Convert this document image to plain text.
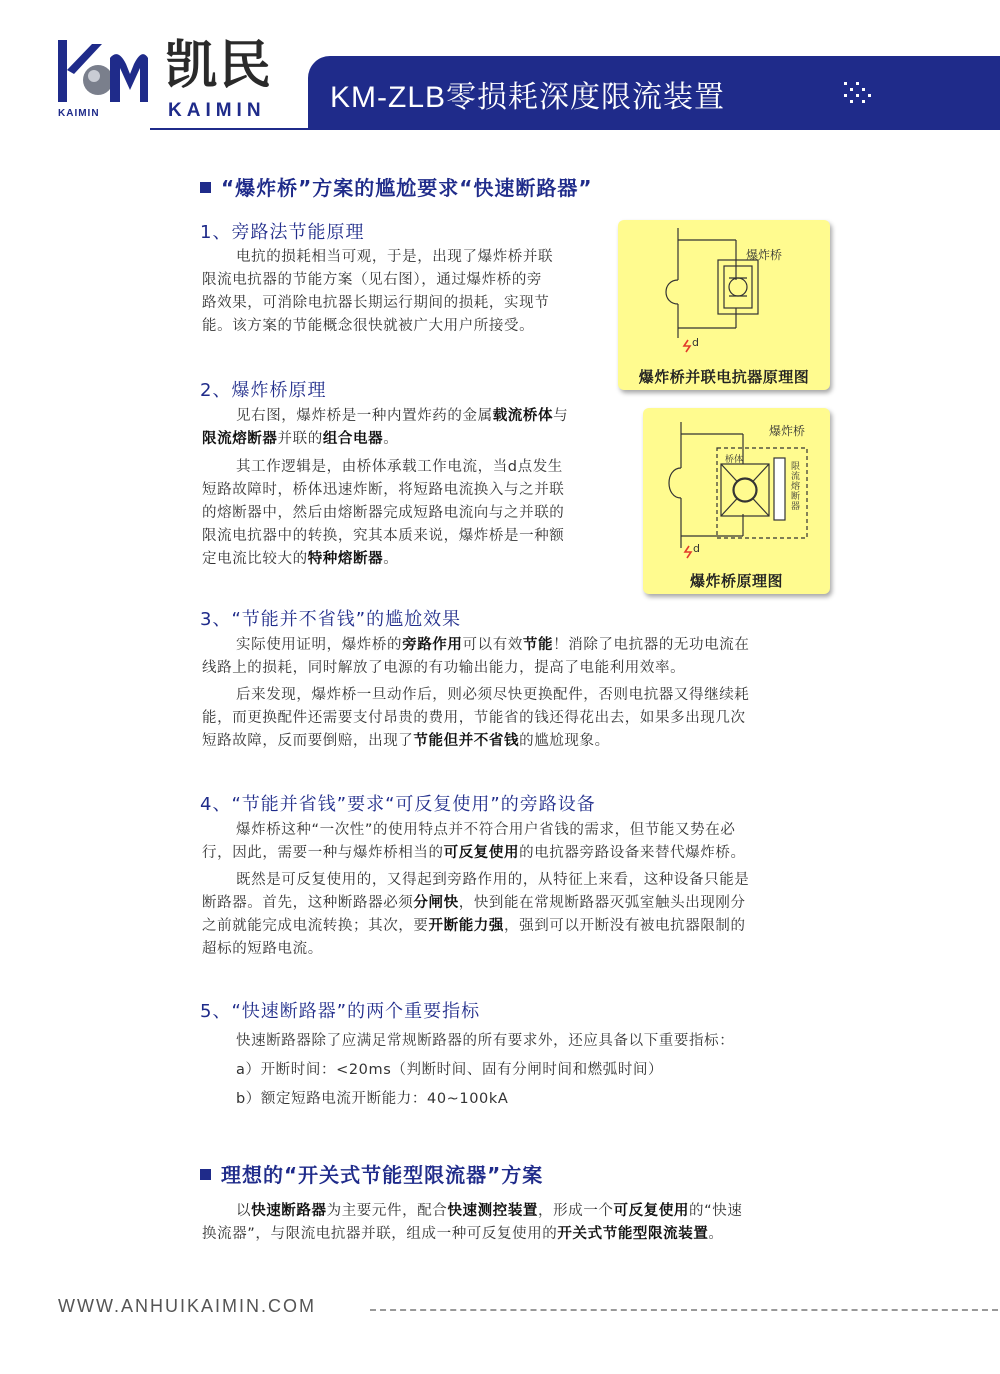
KAIMIN
凯民
KAIMIN KM-ZLB零损耗深度限流装置
“爆炸桥”方案的尴尬要求“快速断路器”
1、旁路法节能原理
电抗的损耗相当可观，于是，出现了爆炸桥并联
限流电抗器的节能方案（见右图），通过爆炸桥的旁
路效果，可消除电抗器长期运行期间的损耗，实现节
能。该方案的节能概念很快就被广大用户所接受。
爆炸桥
d
爆炸桥并联电抗器原理图
2、爆炸桥原理
见右图，爆炸桥是一种内置炸药的金属载流桥体与
限流熔断器并联的组合电器。
其工作逻辑是，由桥体承载工作电流，当d点发生
短路故障时，桥体迅速炸断，将短路电流换入与之并联
的熔断器中，然后由熔断器完成短路电流向与之并联的
限流电抗器中的转换，究其本质来说，爆炸桥是一种额
定电流比较大的特种熔断器。
爆炸桥
桥体
限流熔断器
d
爆炸桥原理图
3、“节能并不省钱”的尴尬效果
实际使用证明，爆炸桥的旁路作用可以有效节能！消除了电抗器的无功电流在
线路上的损耗，同时解放了电源的有功输出能力，提高了电能利用效率。
后来发现，爆炸桥一旦动作后，则必须尽快更换配件，否则电抗器又得继续耗
能，而更换配件还需要支付昂贵的费用，节能省的钱还得花出去，如果多出现几次
短路故障，反而要倒赔，出现了节能但并不省钱的尴尬现象。
4、“节能并省钱”要求“可反复使用”的旁路设备
爆炸桥这种“一次性”的使用特点并不符合用户省钱的需求，但节能又势在必
行，因此，需要一种与爆炸桥相当的可反复使用的电抗器旁路设备来替代爆炸桥。
既然是可反复使用的，又得起到旁路作用的，从特征上来看，这种设备只能是
断路器。首先，这种断路器必须分闸快，快到能在常规断路器灭弧室触头出现刚分
之前就能完成电流转换；其次，要开断能力强，强到可以开断没有被电抗器限制的
超标的短路电流。
5、“快速断路器”的两个重要指标
快速断路器除了应满足常规断路器的所有要求外，还应具备以下重要指标：
a）开断时间：<20ms（判断时间、固有分闸时间和燃弧时间）
b）额定短路电流开断能力：40~100kA
理想的“开关式节能型限流器”方案
以快速断路器为主要元件，配合快速测控装置，形成一个可反复使用的“快速
换流器”，与限流电抗器并联，组成一种可反复使用的开关式节能型限流装置。
WWW.ANHUIKAIMIN.COM
